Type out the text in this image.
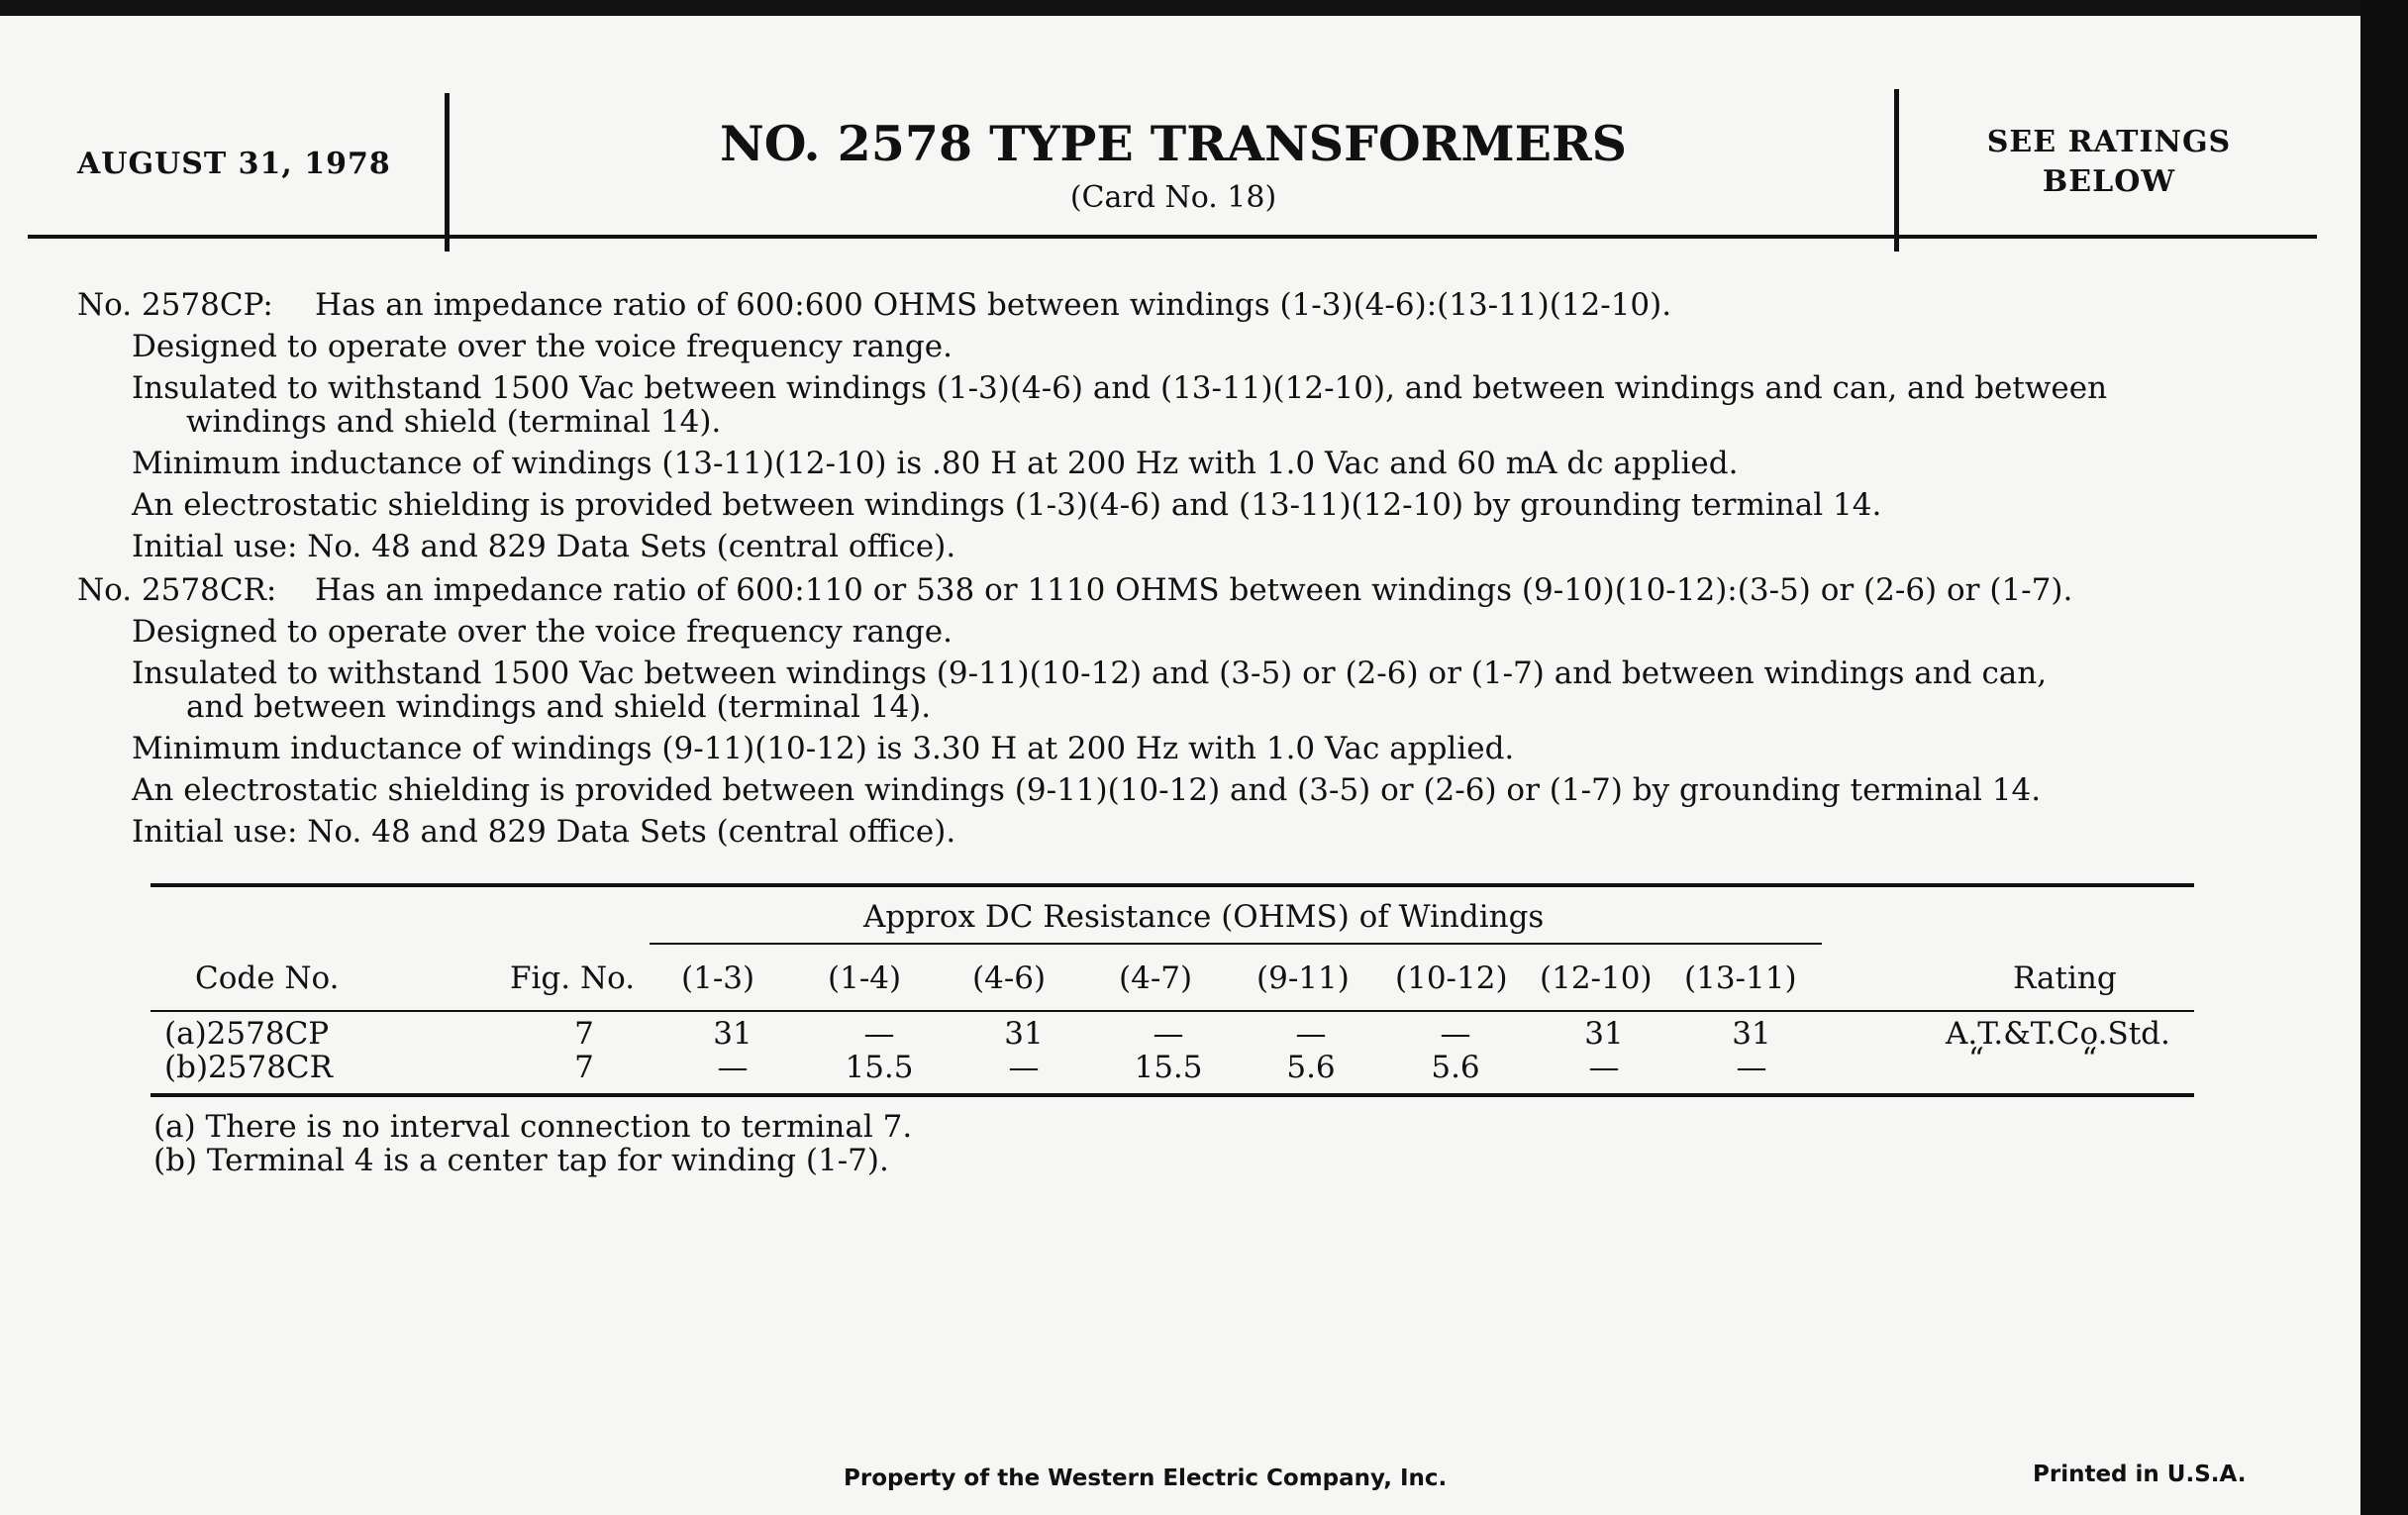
AUGUST 31, 1978	NO. 2578 TYPE TRANSFORMERS
(Card No. 18)
SEE RATINGS
BELOW
No. 2578CP: Has an impedance ratio of 600:600 OHMS between windings (1-3)(4-6):(13-11)(12-10).
Designed to operate over the voice frequency range.
Insulated to withstand 1500 Vac between windings (1-3)(4-6) and (13-11)(12-10), and between windings and can, and between
windings and shield (terminal 14).
Minimum inductance of windings (13-11)(12-10) is .80 H at 200 Hz with 1.0 Vac and 60 mA dc applied.
An electrostatic shielding is provided between windings (1-3)(4-6) and (13-11)(12-10) by grounding terminal 14.
Initial use: No. 48 and 829 Data Sets (central office).
No. 2578CR: Has an impedance ratio of 600:110 or 538 or 1110 OHMS between windings (9-10)(10-12):(3-5) or (2-6) or (1-7).
Designed to operate over the voice frequency range.
Insulated to withstand 1500 Vac between windings (9-11)(10-12) and (3-5) or (2-6) or (1-7) and between windings and can,
and between windings and shield (terminal 14).
Minimum inductance of windings (9-11)(10-12) is 3.30 H at 200 Hz with 1.0 Vac applied.
An electrostatic shielding is provided between windings (9-11)(10-12) and (3-5) or (2-6) or (1-7) by grounding terminal 14.
Initial use: No. 48 and 829 Data Sets (central office).
Approx DC Resistance (OHMS) of Windings
Code No.	Fig. No. (1-3) (1-4) (4-6) (4-7) (9-11) (10-12) (12-10) (13-11)	Rating
(a)2578CP	7	31	—	31	—	—	—	31	31	A.T.&T.Co.Std.
(b)2578CR	7	—	15.5	—	15.5	5.6	5.6	—	—	“          “
(a) There is no interval connection to terminal 7.
(b) Terminal 4 is a center tap for winding (1-7).
Property of the Western Electric Company, Inc.	Printed in U.S.A.
